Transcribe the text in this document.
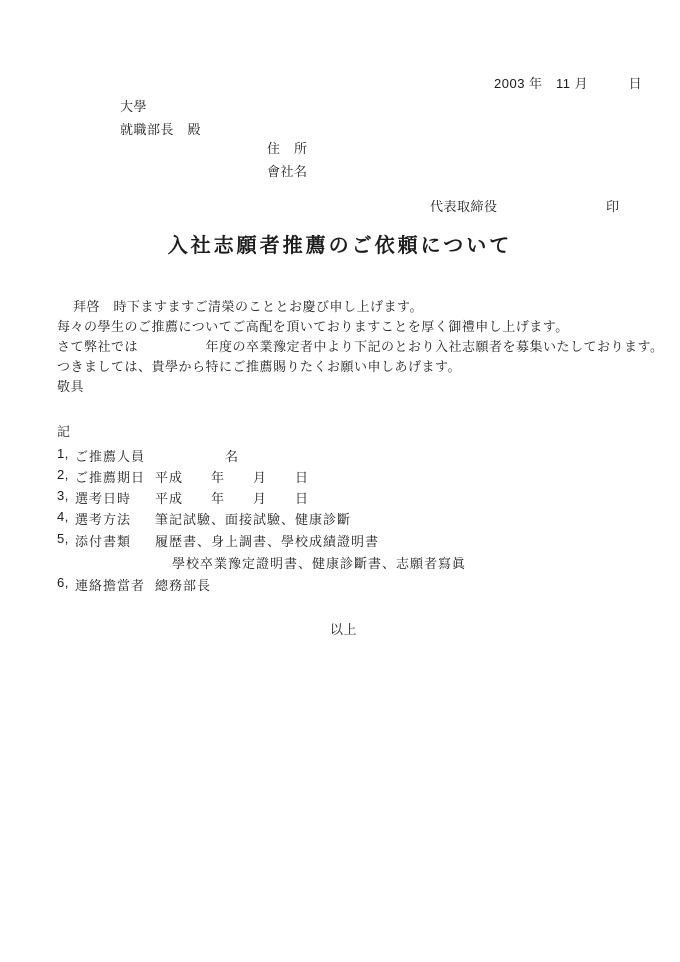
2003 年　11 月　　　日
大學
就職部長　殿
住　所
會社名
代表取締役	印
入社志願者推薦のご依頼について
拜啓　時下ますますご清榮のこととお慶び申し上げます。
每々の學生のご推薦についてご高配を頂いておりますことを厚く御禮申し上げます。
さて弊社では　　　　　年度の卒業豫定者中より下記のとおり入社志願者を募集いたしております。
つきましては、貴學から特にご推薦賜りたくお願い申しあげます。
敬具
記
1, ご推薦人員 　　　　　名
2, ご推薦期日 平成　　年　　月　　日
3, 選考日時 平成　　年　　月　　日
4, 選考方法 筆記試驗、面接試驗、健康診斷
5, 添付書類 履歴書、身上調書、學校成績證明書
學校卒業豫定證明書、健康診斷書、志願者寫眞
6, 連絡擔當者 總務部長
以上
